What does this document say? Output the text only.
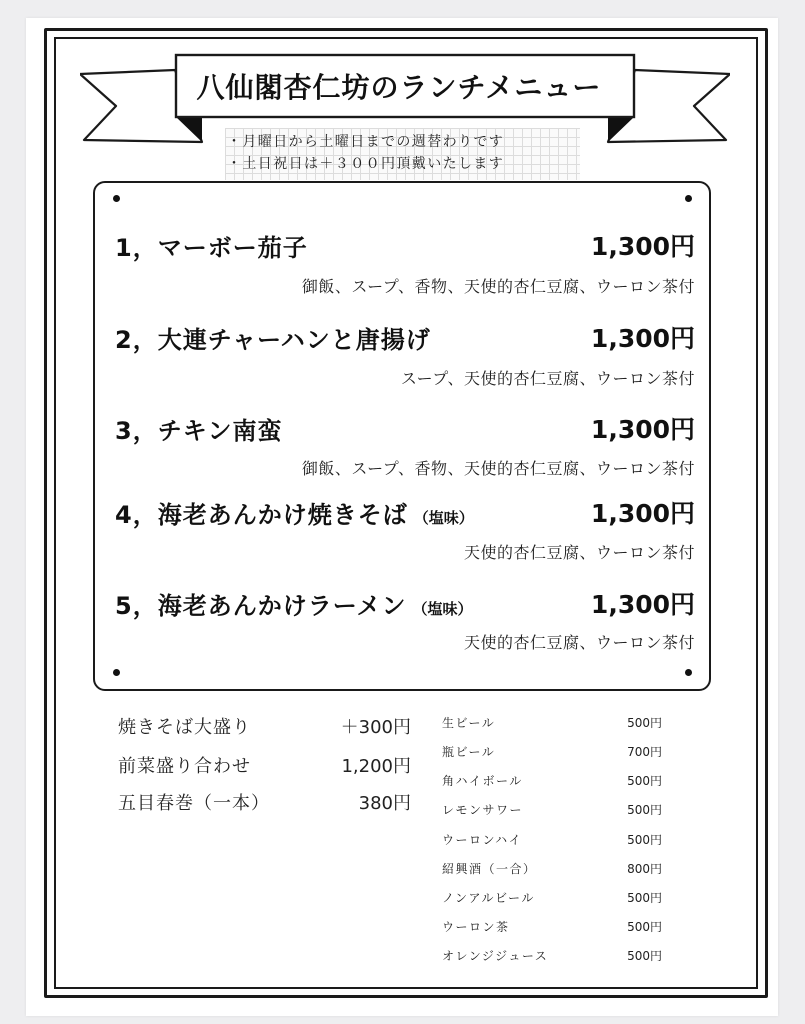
八仙閣杏仁坊のランチメニュー
・月曜日から土曜日までの週替わりです
・土日祝日は＋３００円頂戴いたします
1，マーボー茄子	1,300円
御飯、スープ、香物、天使的杏仁豆腐、ウーロン茶付
2，大連チャーハンと唐揚げ	1,300円
スープ、天使的杏仁豆腐、ウーロン茶付
3，チキン南蛮	1,300円
御飯、スープ、香物、天使的杏仁豆腐、ウーロン茶付
4，海老あんかけ焼きそば （塩味）	1,300円
天使的杏仁豆腐、ウーロン茶付
5，海老あんかけラーメン （塩味）	1,300円
天使的杏仁豆腐、ウーロン茶付
焼きそば大盛り	＋300円
前菜盛り合わせ	1,200円
五目春巻（一本）	380円
生ビール	500円
瓶ビール	700円
角ハイボール	500円
レモンサワー	500円
ウーロンハイ	500円
紹興酒（一合）	800円
ノンアルビール	500円
ウーロン茶	500円
オレンジジュース	500円
